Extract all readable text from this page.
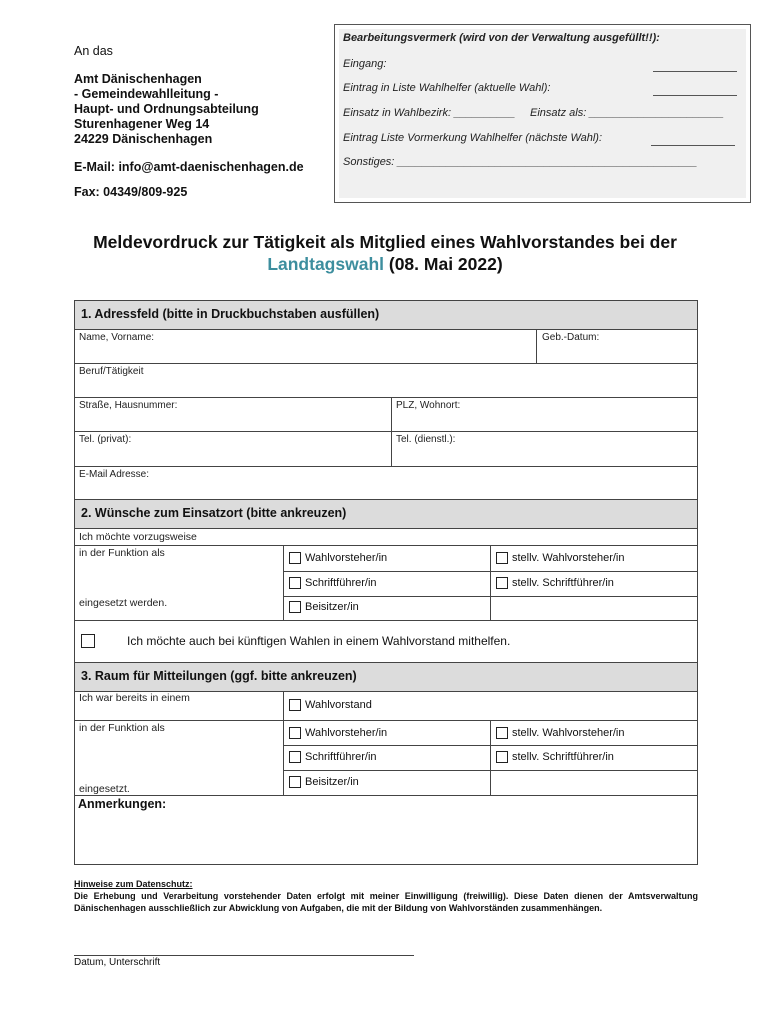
An das
Amt Dänischenhagen
- Gemeindewahlleitung -
Haupt- und Ordnungsabteilung
Sturenhagener Weg 14
24229 Dänischenhagen
E-Mail: info@amt-daenischenhagen.de
Fax: 04349/809-925
Bearbeitungsvermerk (wird von der Verwaltung ausgefüllt!!):
Eingang:
Eintrag in Liste Wahlhelfer (aktuelle Wahl):
Einsatz in Wahlbezirk: __________ Einsatz als: ______________________
Eintrag Liste Vormerkung Wahlhelfer (nächste Wahl):
Sonstiges: _________________________________________________
Meldevordruck zur Tätigkeit als Mitglied eines Wahlvorstandes bei der
Landtagswahl (08. Mai 2022)
1. Adressfeld (bitte in Druckbuchstaben ausfüllen)
Name, Vorname:	Geb.-Datum:
Beruf/Tätigkeit
Straße, Hausnummer:	PLZ, Wohnort:
Tel. (privat):	Tel. (dienstl.):
E-Mail Adresse:
2. Wünsche zum Einsatzort (bitte ankreuzen)
Ich möchte vorzugsweise
in der Funktion als
eingesetzt werden.
Wahlvorsteher/in	stellv. Wahlvorsteher/in
Schriftführer/in	stellv. Schriftführer/in
Beisitzer/in
Ich möchte auch bei künftigen Wahlen in einem Wahlvorstand mithelfen.
3. Raum für Mitteilungen (ggf. bitte ankreuzen)
Ich war bereits in einem
in der Funktion als
eingesetzt.
Wahlvorstand
Wahlvorsteher/in	stellv. Wahlvorsteher/in
Schriftführer/in	stellv. Schriftführer/in
Beisitzer/in
Anmerkungen:
Hinweise zum Datenschutz:
Die Erhebung und Verarbeitung vorstehender Daten erfolgt mit meiner Einwilligung (freiwillig). Diese Daten dienen der Amtsverwaltung Dänischenhagen ausschließlich zur Abwicklung von Aufgaben, die mit der Bildung von Wahlvorständen zusammenhängen.
Datum, Unterschrift
